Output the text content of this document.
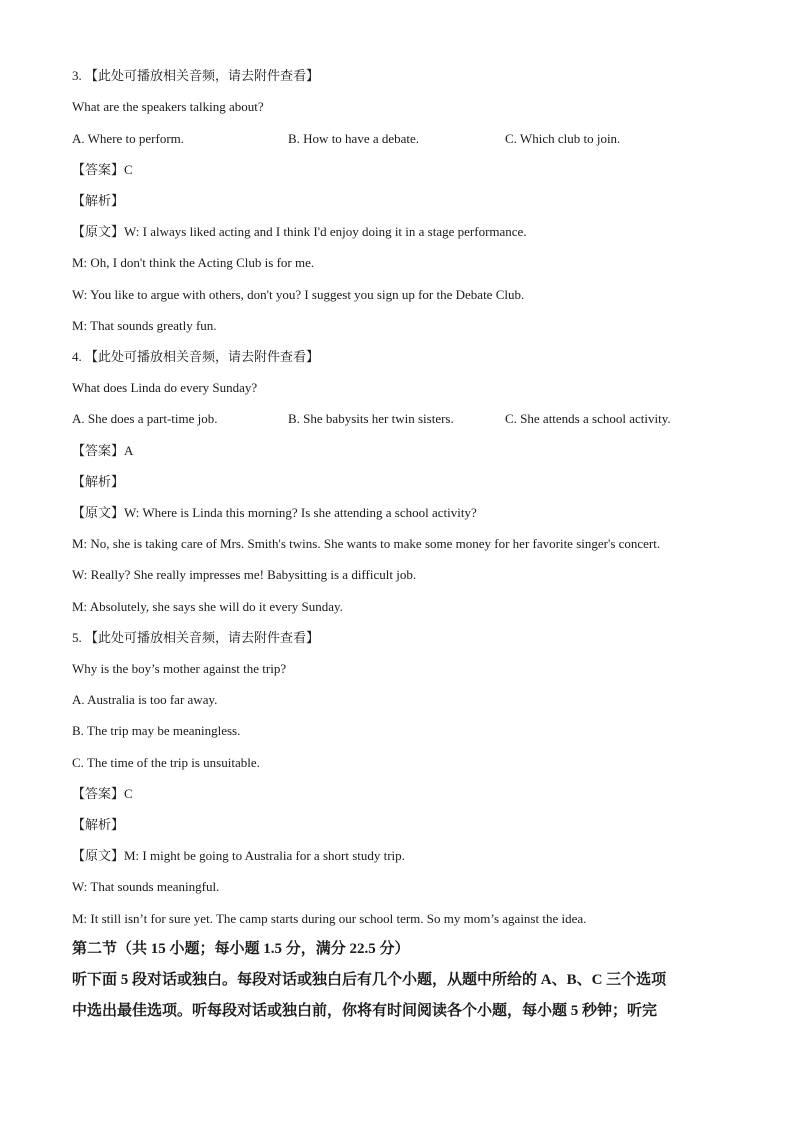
3. 【此处可播放相关音频，请去附件查看】
What are the speakers talking about?
A. Where to perform.	B. How to have a debate.	C. Which club to join.
【答案】C
【解析】
【原文】W: I always liked acting and I think I'd enjoy doing it in a stage performance.
M: Oh, I don't think the Acting Club is for me.
W: You like to argue with others, don't you? I suggest you sign up for the Debate Club.
M: That sounds greatly fun.
4. 【此处可播放相关音频，请去附件查看】
What does Linda do every Sunday?
A. She does a part-time job.	B. She babysits her twin sisters.	C. She attends a school activity.
【答案】A
【解析】
【原文】W: Where is Linda this morning? Is she attending a school activity?
M: No, she is taking care of Mrs. Smith's twins. She wants to make some money for her favorite singer's concert.
W: Really? She really impresses me! Babysitting is a difficult job.
M: Absolutely, she says she will do it every Sunday.
5. 【此处可播放相关音频，请去附件查看】
Why is the boy’s mother against the trip?
A. Australia is too far away.
B. The trip may be meaningless.
C. The time of the trip is unsuitable.
【答案】C
【解析】
【原文】M: I might be going to Australia for a short study trip.
W: That sounds meaningful.
M: It still isn’t for sure yet. The camp starts during our school term. So my mom’s against the idea.
第二节（共 15 小题；每小题 1.5 分，满分 22.5 分）
听下面 5 段对话或独白。每段对话或独白后有几个小题，从题中所给的 A、B、C 三个选项
中选出最佳选项。听每段对话或独白前，你将有时间阅读各个小题，每小题 5 秒钟；听完
